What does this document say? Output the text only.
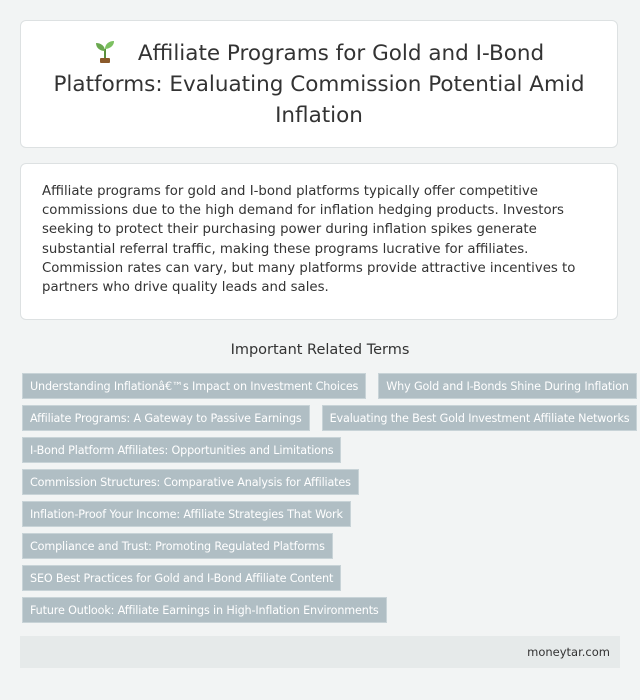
Affiliate Programs for Gold and I-Bond Platforms: Evaluating Commission Potential Amid Inflation

Affiliate programs for gold and I-bond platforms typically offer competitive commissions due to the high demand for inflation hedging products. Investors seeking to protect their purchasing power during inflation spikes generate substantial referral traffic, making these programs lucrative for affiliates. Commission rates can vary, but many platforms provide attractive incentives to partners who drive quality leads and sales.

Important Related Terms
Understanding Inflationâ€™s Impact on Investment Choices	Why Gold and I-Bonds Shine During Inflation
Affiliate Programs: A Gateway to Passive Earnings	Evaluating the Best Gold Investment Affiliate Networks
I-Bond Platform Affiliates: Opportunities and Limitations
Commission Structures: Comparative Analysis for Affiliates
Inflation-Proof Your Income: Affiliate Strategies That Work
Compliance and Trust: Promoting Regulated Platforms
SEO Best Practices for Gold and I-Bond Affiliate Content
Future Outlook: Affiliate Earnings in High-Inflation Environments
moneytar.com
